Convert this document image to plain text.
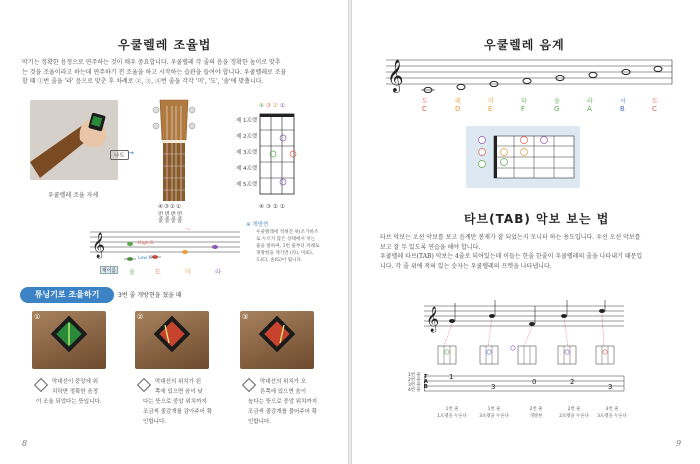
우쿨렐레 조율법
악기는 정확한 음정으로 연주하는 것이 매우 중요합니다. 우쿨렐레 각 줄의 음을 정확한 높이로 맞추
는 것을 조율이라고 하는데 연주하기 전 조율을 하고 시작하는 습관을 들여야 합니다. 우쿨렐레로 조율
할 때 ①번 줄을 '라' 음으로 맞춘 후 차례로 ②, ③, ④번 줄을 각각 '미', '도', '솔'에 맞춥니다.
우쿨렐레 조율 자세
나트 →
④③②①
번번번번
줄줄줄줄
④③②①
제 1프렛
제 2프렛
제 3프렛
제 4프렛
제 5프렛
④③②①
※ 개방현
우쿨렐레에 적혀진 위(조가바즈
로 누르지 않은 상태에서 치는
줄을 말하며, 1번 줄부터 차례로
개방현을 재기면 (라), 미(E),
도(C), 솔(G)이 됩니다.
𝄞	High G
Low G
계이름 솔	도	미	라
튜닝기로 조율하기	3번 줄 개방현을 쳤을 때
①	②	③
막대선이 중앙에 위
치하면 정확한 음정
이 조율 되었다는 뜻입니다.
막대선의 위치가 왼
쪽에 있으면 음이 낮
다는 뜻으로 중앙 위치까지
조금씩 줄감개를 감아주어 확
인합니다.
막대선의 위치가 오
른쪽에 있으면 음이
높다는 뜻으로 중앙 위치까지
조금씩 줄감개를 풀어주어 확
인합니다.
8
우쿨렐레 음계
𝄞
도	레	미	파	솔	라	시	도
C	D	E	F	G	A	B	C
타브(TAB) 악보 보는 법
타브 악보는 오선 악보를 보고 음계만 봉재가 잘 되었는지 모니터 하는 용도입니다. 우선 오선 악보를
보고 잘 두 있도록 연습을 해야 합니다.
우쿨렐레 타브(TAB) 악보는 4줄로 되어있는데 이들는 한줄 한줄이 우쿨렐레의 줄을 나타내기 때문입
니다. 각 줄 위에 적혀 있는 숫자는 우쿨렐레의 프렛을 나타냅니다.
𝄞
1번 줄
2번 줄
3번 줄
4번 줄
T
A
B
1
3
0	2
3
1번 줄
1프렛을 누른다
1번 줄
3프렛을 누른다
2번 줄
개방현
2번 줄
2프렛을 누른다
3번 줄
3프렛을 누른다
9
